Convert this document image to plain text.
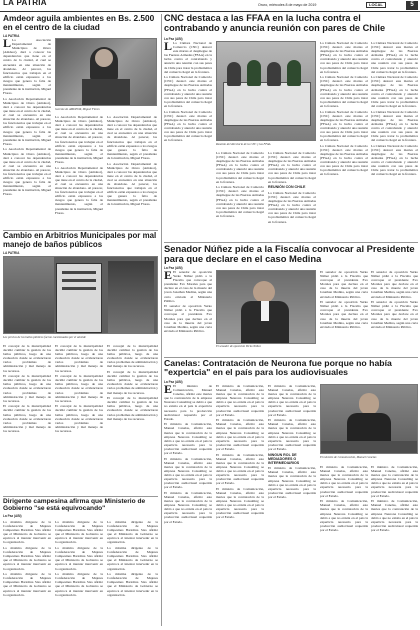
LA PATRIA	Oruro, miércoles 8 de mayo de 2019	LOCAL	5
Amdeor aguila ambientes en Bs. 2.500 en el centro de la ciudad
LA PATRIA
L La Asociación Departamental de Municipios de Oruro (Amdeor), dará a conocer las dependencias que tiene en el centro de la ciudad, el cual se encuentra en una situación de abandono. Al parecer, los funcionarios que trabajan en el edificio están expuestos a los riesgos que genera la falta de mantenimiento, según el presidente de la institución, Miguel Flores.

La Asociación Departamental de Municipios de Oruro (Amdeor), dará a conocer las dependencias que tiene en el centro de la ciudad, el cual se encuentra en una situación de abandono. Al parecer, los funcionarios que trabajan en el edificio están expuestos a los riesgos que genera la falta de mantenimiento, según el presidente de la institución, Miguel Flores.

La Asociación Departamental de Municipios de Oruro (Amdeor), dará a conocer las dependencias que tiene en el centro de la ciudad, el cual se encuentra en una situación de abandono. Al parecer, los funcionarios que trabajan en el edificio están expuestos a los riesgos que genera la falta de mantenimiento, según el presidente de la institución, Miguel Flores.

Gerente de AMDEOR, Miguel Flores

La Asociación Departamental de Municipios de Oruro (Amdeor), dará a conocer las dependencias que tiene en el centro de la ciudad, el cual se encuentra en una situación de abandono. Al parecer, los funcionarios que trabajan en el edificio están expuestos a los riesgos que genera la falta de mantenimiento, según el presidente de la institución, Miguel Flores.

La Asociación Departamental de Municipios de Oruro (Amdeor), dará a conocer las dependencias que tiene en el centro de la ciudad, el cual se encuentra en una situación de abandono. Al parecer, los funcionarios que trabajan en el edificio están expuestos a los riesgos que genera la falta de mantenimiento, según el presidente de la institución, Miguel Flores.

La Asociación Departamental de Municipios de Oruro (Amdeor), dará a conocer las dependencias que tiene en el centro de la ciudad, el cual se encuentra en una situación de abandono. Al parecer, los funcionarios que trabajan en el edificio están expuestos a los riesgos que genera la falta de mantenimiento, según el presidente de la institución, Miguel Flores.

La Asociación Departamental de Municipios de Oruro (Amdeor), dará a conocer las dependencias que tiene en el centro de la ciudad, el cual se encuentra en una situación de abandono. Al parecer, los funcionarios que trabajan en el edificio están expuestos a los riesgos que genera la falta de mantenimiento, según el presidente de la institución, Miguel Flores.

Cambio en Arbitrios Municipales por mal manejo de baños públicos
LA PATRIA
Los precios de los baños públicos fueron cuestionados por el alcalde

El concejal de la municipalidad decidió cambiar la gestión de los baños públicos, luego de una evaluación donde se evidenciaron varios problemas de administración y mal manejo de los recursos.

El concejal de la municipalidad decidió cambiar la gestión de los baños públicos, luego de una evaluación donde se evidenciaron varios problemas de administración y mal manejo de los recursos.

El concejal de la municipalidad decidió cambiar la gestión de los baños públicos, luego de una evaluación donde se evidenciaron varios problemas de administración y mal manejo de los recursos.

El concejal de la municipalidad decidió cambiar la gestión de los baños públicos, luego de una evaluación donde se evidenciaron varios problemas de administración y mal manejo de los recursos.

El concejal de la municipalidad decidió cambiar la gestión de los baños públicos, luego de una evaluación donde se evidenciaron varios problemas de administración y mal manejo de los recursos.

El concejal de la municipalidad decidió cambiar la gestión de los baños públicos, luego de una evaluación donde se evidenciaron varios problemas de administración y mal manejo de los recursos.

El concejal de la municipalidad decidió cambiar la gestión de los baños públicos, luego de una evaluación donde se evidenciaron varios problemas de administración y mal manejo de los recursos.

El concejal de la municipalidad decidió cambiar la gestión de los baños públicos, luego de una evaluación donde se evidenciaron varios problemas de administración y mal manejo de los recursos.

El concejal de la municipalidad decidió cambiar la gestión de los baños públicos, luego de una evaluación donde se evidenciaron varios problemas de administración y mal manejo de los recursos.

Dirigente campesina afirma que Ministerio de Gobierno "se está equivocando"
La Paz (ABI)

La máxima dirigente de la Confederación de Mujeres Campesinas Bartolina Sisa afirmó que el Ministerio de Gobierno se equivoca al intentar intervenir en la organización.

La máxima dirigente de la Confederación de Mujeres Campesinas Bartolina Sisa afirmó que el Ministerio de Gobierno se equivoca al intentar intervenir en la organización.

La máxima dirigente de la Confederación de Mujeres Campesinas Bartolina Sisa afirmó que el Ministerio de Gobierno se equivoca al intentar intervenir en la organización.

La máxima dirigente de la Confederación de Mujeres Campesinas Bartolina Sisa afirmó que el Ministerio de Gobierno se equivoca al intentar intervenir en la organización.

La máxima dirigente de la Confederación de Mujeres Campesinas Bartolina Sisa afirmó que el Ministerio de Gobierno se equivoca al intentar intervenir en la organización.

La máxima dirigente de la Confederación de Mujeres Campesinas Bartolina Sisa afirmó que el Ministerio de Gobierno se equivoca al intentar intervenir en la organización.

La máxima dirigente de la Confederación de Mujeres Campesinas Bartolina Sisa afirmó que el Ministerio de Gobierno se equivoca al intentar intervenir en la organización.

La máxima dirigente de la Confederación de Mujeres Campesinas Bartolina Sisa afirmó que el Ministerio de Gobierno se equivoca al intentar intervenir en la organización.

La máxima dirigente de la Confederación de Mujeres Campesinas Bartolina Sisa afirmó que el Ministerio de Gobierno se equivoca al intentar intervenir en la organización.

CNC destaca a las FFAA en la lucha contra el contrabando y anuncia reunión con pares de Chile
La Paz (ABI)
L La Cámara Nacional de Comercio (CNC) destacó este martes el despliegue de las Fuerzas Armadas (FFAA) en la lucha contra el contrabando y anunció una reunión con sus pares de Chile para tratar la problemática del comercio ilegal en la frontera.

La Cámara Nacional de Comercio (CNC) destacó este martes el despliegue de las Fuerzas Armadas (FFAA) en la lucha contra el contrabando y anunció una reunión con sus pares de Chile para tratar la problemática del comercio ilegal en la frontera.

La Cámara Nacional de Comercio (CNC) destacó este martes el despliegue de las Fuerzas Armadas (FFAA) en la lucha contra el contrabando y anunció una reunión con sus pares de Chile para tratar la problemática del comercio ilegal en la frontera.

Reunión del directorio de la CNC y las FFAA

La Cámara Nacional de Comercio (CNC) destacó este martes el despliegue de las Fuerzas Armadas (FFAA) en la lucha contra el contrabando y anunció una reunión con sus pares de Chile para tratar la problemática del comercio ilegal en la frontera.

La Cámara Nacional de Comercio (CNC) destacó este martes el despliegue de las Fuerzas Armadas (FFAA) en la lucha contra el contrabando y anunció una reunión con sus pares de Chile para tratar la problemática del comercio ilegal en la frontera.

La Cámara Nacional de Comercio (CNC) destacó este martes el despliegue de las Fuerzas Armadas (FFAA) en la lucha contra el contrabando y anunció una reunión con sus pares de Chile para tratar la problemática del comercio ilegal en la frontera.

REUNIÓN CON CHILE

La Cámara Nacional de Comercio (CNC) destacó este martes el despliegue de las Fuerzas Armadas (FFAA) en la lucha contra el contrabando y anunció una reunión con sus pares de Chile para tratar la problemática del comercio ilegal en la frontera.

La Cámara Nacional de Comercio (CNC) destacó este martes el despliegue de las Fuerzas Armadas (FFAA) en la lucha contra el contrabando y anunció una reunión con sus pares de Chile para tratar la problemática del comercio ilegal en la frontera.

La Cámara Nacional de Comercio (CNC) destacó este martes el despliegue de las Fuerzas Armadas (FFAA) en la lucha contra el contrabando y anunció una reunión con sus pares de Chile para tratar la problemática del comercio ilegal en la frontera.

La Cámara Nacional de Comercio (CNC) destacó este martes el despliegue de las Fuerzas Armadas (FFAA) en la lucha contra el contrabando y anunció una reunión con sus pares de Chile para tratar la problemática del comercio ilegal en la frontera.

La Cámara Nacional de Comercio (CNC) destacó este martes el despliegue de las Fuerzas Armadas (FFAA) en la lucha contra el contrabando y anunció una reunión con sus pares de Chile para tratar la problemática del comercio ilegal en la frontera.

La Cámara Nacional de Comercio (CNC) destacó este martes el despliegue de las Fuerzas Armadas (FFAA) en la lucha contra el contrabando y anunció una reunión con sus pares de Chile para tratar la problemática del comercio ilegal en la frontera.

La Cámara Nacional de Comercio (CNC) destacó este martes el despliegue de las Fuerzas Armadas (FFAA) en la lucha contra el contrabando y anunció una reunión con sus pares de Chile para tratar la problemática del comercio ilegal en la frontera.

La Cámara Nacional de Comercio (CNC) destacó este martes el despliegue de las Fuerzas Armadas (FFAA) en la lucha contra el contrabando y anunció una reunión con sus pares de Chile para tratar la problemática del comercio ilegal en la frontera.

La Cámara Nacional de Comercio (CNC) destacó este martes el despliegue de las Fuerzas Armadas (FFAA) en la lucha contra el contrabando y anunció una reunión con sus pares de Chile para tratar la problemática del comercio ilegal en la frontera.

Senador Núñez pide a la Fiscalía convocar al Presidente para que declare en el caso Medina
La Paz (ABI)
E El senador de oposición Yerko Núñez pidió a la Fiscalía que convoque al presidente Evo Morales para que declare en el caso de la muerte del joven Jonathan Medina, según una carta enviada al Ministerio Público.

El senador de oposición Yerko Núñez pidió a la Fiscalía que convoque al presidente Evo Morales para que declare en el caso de la muerte del joven Jonathan Medina, según una carta enviada al Ministerio Público.

El senador de oposición Yerko Núñez

El senador de oposición Yerko Núñez pidió a la Fiscalía que convoque al presidente Evo Morales para que declare en el caso de la muerte del joven Jonathan Medina, según una carta enviada al Ministerio Público.

El senador de oposición Yerko Núñez pidió a la Fiscalía que convoque al presidente Evo Morales para que declare en el caso de la muerte del joven Jonathan Medina, según una carta enviada al Ministerio Público.

El senador de oposición Yerko Núñez pidió a la Fiscalía que convoque al presidente Evo Morales para que declare en el caso de la muerte del joven Jonathan Medina, según una carta enviada al Ministerio Público.

El senador de oposición Yerko Núñez pidió a la Fiscalía que convoque al presidente Evo Morales para que declare en el caso de la muerte del joven Jonathan Medina, según una carta enviada al Ministerio Público.

Canelas: Contratación de Neurona fue porque no había "expertcia" en el país para los audiovisuales
La Paz (ABI)
E El ministro de Comunicación, Manuel Canelas, afirmó este martes que la contratación de la empresa Neurona Consulting se debió a que no existía en el país la experticia necesaria para la producción audiovisual requerida por el Estado.

El ministro de Comunicación, Manuel Canelas, afirmó este martes que la contratación de la empresa Neurona Consulting se debió a que no existía en el país la experticia necesaria para la producción audiovisual requerida por el Estado.

El ministro de Comunicación, Manuel Canelas, afirmó este martes que la contratación de la empresa Neurona Consulting se debió a que no existía en el país la experticia necesaria para la producción audiovisual requerida por el Estado.

El ministro de Comunicación, Manuel Canelas, afirmó este martes que la contratación de la empresa Neurona Consulting se debió a que no existía en el país la experticia necesaria para la producción audiovisual requerida por el Estado.

El ministro de Comunicación, Manuel Canelas, afirmó este martes que la contratación de la empresa Neurona Consulting se debió a que no existía en el país la experticia necesaria para la producción audiovisual requerida por el Estado.

El ministro de Comunicación, Manuel Canelas, afirmó este martes que la contratación de la empresa Neurona Consulting se debió a que no existía en el país la experticia necesaria para la producción audiovisual requerida por el Estado.

El ministro de Comunicación, Manuel Canelas, afirmó este martes que la contratación de la empresa Neurona Consulting se debió a que no existía en el país la experticia necesaria para la producción audiovisual requerida por el Estado.

El ministro de Comunicación, Manuel Canelas, afirmó este martes que la contratación de la empresa Neurona Consulting se debió a que no existía en el país la experticia necesaria para la producción audiovisual requerida por el Estado.

El ministro de Comunicación, Manuel Canelas, afirmó este martes que la contratación de la empresa Neurona Consulting se debió a que no existía en el país la experticia necesaria para la producción audiovisual requerida por el Estado.

El ministro de Comunicación, Manuel Canelas, afirmó este martes que la contratación de la empresa Neurona Consulting se debió a que no existía en el país la experticia necesaria para la producción audiovisual requerida por el Estado.

NINGUN ROL DE MEDIADORES O INTERMEDIARIOS

El ministro de Comunicación, Manuel Canelas, afirmó este martes que la contratación de la empresa Neurona Consulting se debió a que no existía en el país la experticia necesaria para la producción audiovisual requerida por el Estado.

El ministro de Comunicación, Manuel Canelas

El ministro de Comunicación, Manuel Canelas, afirmó este martes que la contratación de la empresa Neurona Consulting se debió a que no existía en el país la experticia necesaria para la producción audiovisual requerida por el Estado.

El ministro de Comunicación, Manuel Canelas, afirmó este martes que la contratación de la empresa Neurona Consulting se debió a que no existía en el país la experticia necesaria para la producción audiovisual requerida por el Estado.

El ministro de Comunicación, Manuel Canelas, afirmó este martes que la contratación de la empresa Neurona Consulting se debió a que no existía en el país la experticia necesaria para la producción audiovisual requerida por el Estado.

El ministro de Comunicación, Manuel Canelas, afirmó este martes que la contratación de la empresa Neurona Consulting se debió a que no existía en el país la experticia necesaria para la producción audiovisual requerida por el Estado.
